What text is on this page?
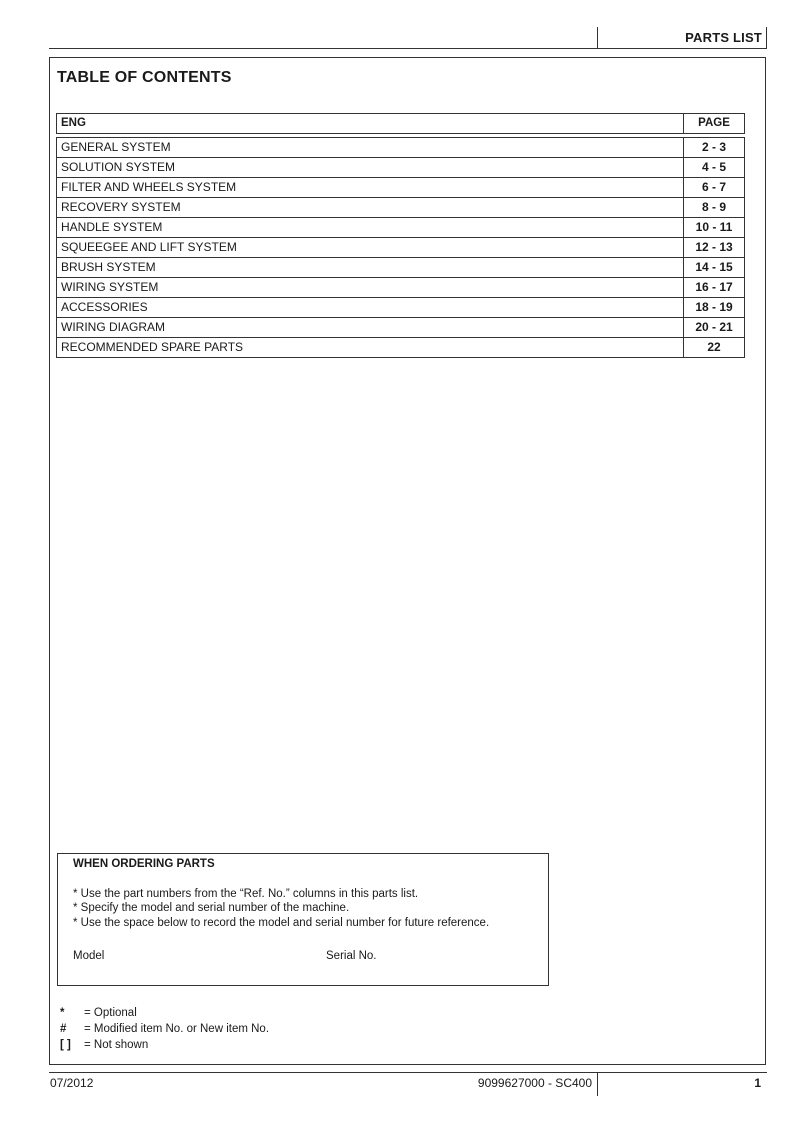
PARTS LIST
TABLE OF CONTENTS
ENG	PAGE

GENERAL SYSTEM	2 - 3
SOLUTION SYSTEM	4 - 5
FILTER AND WHEELS SYSTEM	6 - 7
RECOVERY SYSTEM	8 - 9
HANDLE SYSTEM	10 - 11
SQUEEGEE AND LIFT SYSTEM	12 - 13
BRUSH SYSTEM	14 - 15
WIRING SYSTEM	16 - 17
ACCESSORIES	18 - 19
WIRING DIAGRAM	20 - 21
RECOMMENDED SPARE PARTS	22
WHEN ORDERING PARTS
* Use the part numbers from the “Ref. No.” columns in this parts list.
* Specify the model and serial number of the machine.
* Use the space below to record the model and serial number for future reference.
Model	Serial No.
*	= Optional
#	= Modified item No. or New item No.
[ ]	= Not shown
07/2012	9099627000 - SC400	1
